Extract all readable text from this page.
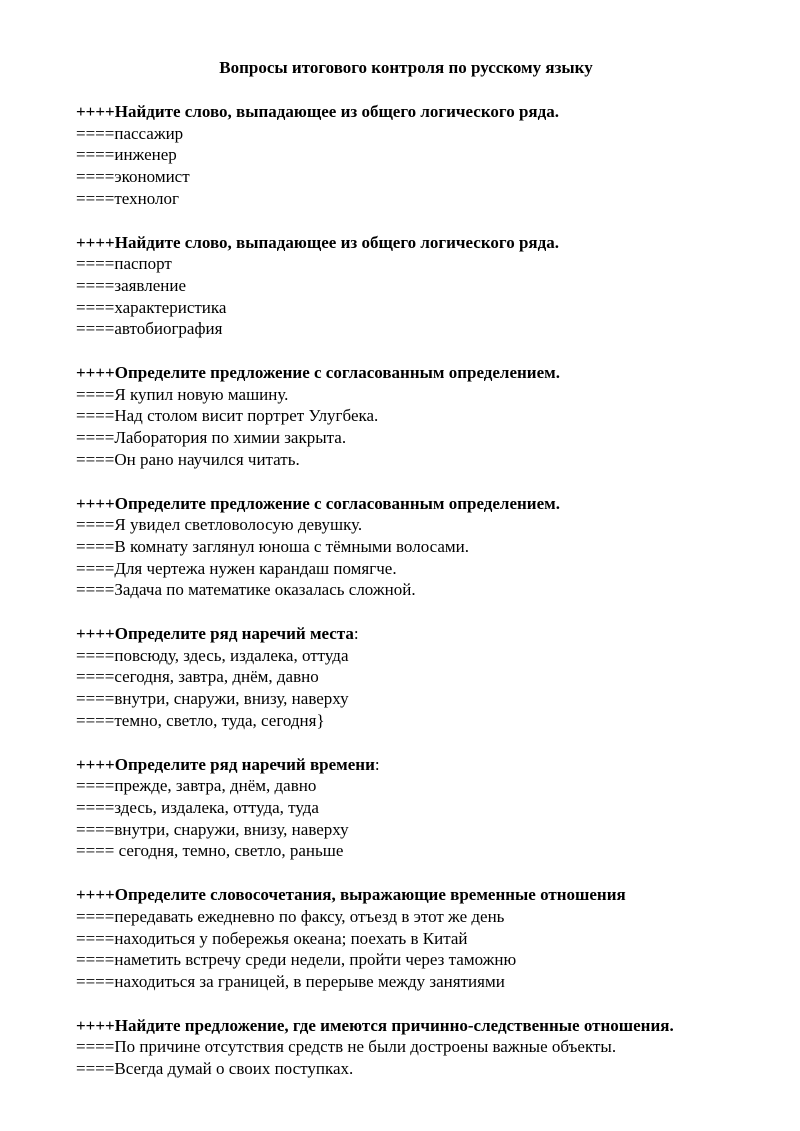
Вопросы итогового контроля по русскому языку
++++Найдите слово, выпадающее из общего логического ряда.
====пассажир
====инженер
====экономист
====технолог
++++Найдите слово, выпадающее из общего логического ряда.
====паспорт
====заявление
====характеристика
====автобиография
++++Определите предложение с согласованным определением.
====Я купил новую машину.
====Над столом висит портрет Улугбека.
====Лаборатория по химии закрыта.
====Он рано научился читать.
++++Определите предложение с согласованным определением.
====Я увидел светловолосую девушку.
====В комнату заглянул юноша с тёмными волосами.
====Для чертежа нужен карандаш помягче.
====Задача по математике оказалась сложной.
++++Определите ряд наречий места:
====повсюду, здесь, издалека, оттуда
====сегодня, завтра, днём, давно
====внутри, снаружи, внизу, наверху
====темно, светло, туда, сегодня}
++++Определите ряд наречий времени:
====прежде, завтра, днём, давно
====здесь, издалека, оттуда, туда
====внутри, снаружи, внизу, наверху
==== сегодня, темно, светло, раньше
++++Определите словосочетания, выражающие временные отношения
====передавать ежедневно по факсу, отъезд в этот же день
====находиться у побережья океана; поехать в Китай
====наметить встречу среди недели, пройти через таможню
====находиться за границей, в перерыве между занятиями
++++Найдите предложение, где имеются причинно-следственные отношения.
====По причине отсутствия средств не были достроены важные объекты.
====Всегда думай о своих поступках.
